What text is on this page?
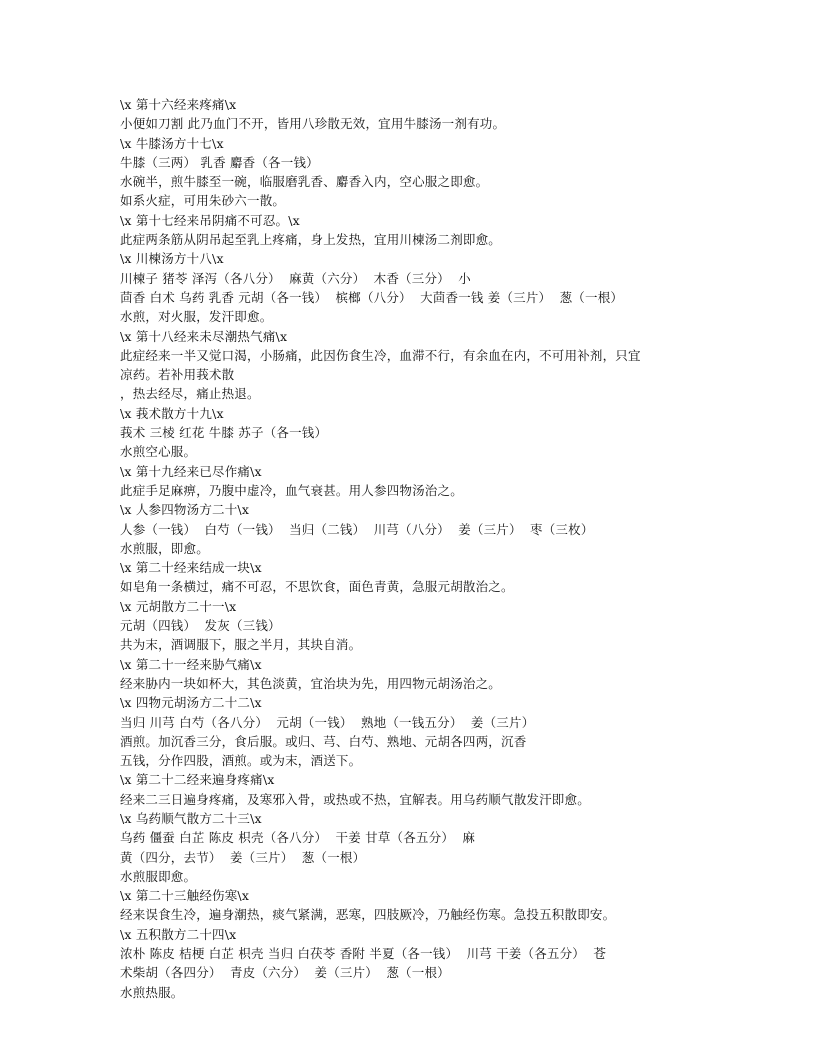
\x 第十六经来疼痛\x
小便如刀割 此乃血门不开，皆用八珍散无效，宜用牛膝汤一剂有功。
\x 牛膝汤方十七\x
牛膝（三两） 乳香 麝香（各一钱）
水碗半，煎牛膝至一碗，临服磨乳香、麝香入内，空心服之即愈。
如系火症，可用朱砂六一散。
\x 第十七经来吊阴痛不可忍。\x
此症两条筋从阴吊起至乳上疼痛，身上发热，宜用川楝汤二剂即愈。
\x 川楝汤方十八\x
川楝子 猪苓 泽泻（各八分）  麻黄（六分）  木香（三分）  小
茴香 白术 乌药 乳香 元胡（各一钱）  槟榔（八分）  大茴香一钱 姜（三片）  葱（一根）
水煎，对火服，发汗即愈。
\x 第十八经来未尽潮热气痛\x
此症经来一半又觉口渴，小肠痛，此因伤食生冷，血滞不行，有余血在内，不可用补剂，只宜
凉药。若补用莪术散
，热去经尽，痛止热退。
\x 莪术散方十九\x
莪术 三棱 红花 牛膝 苏子（各一钱）
水煎空心服。
\x 第十九经来已尽作痛\x
此症手足麻痹，乃腹中虚冷，血气衰甚。用人参四物汤治之。
\x 人参四物汤方二十\x
人参（一钱）  白芍（一钱）  当归（二钱）  川芎（八分）  姜（三片）  枣（三枚）
水煎服，即愈。
\x 第二十经来结成一块\x
如皂角一条横过，痛不可忍，不思饮食，面色青黄，急服元胡散治之。
\x 元胡散方二十一\x
元胡（四钱）  发灰（三钱）
共为末，酒调服下，服之半月，其块自消。
\x 第二十一经来胁气痛\x
经来胁内一块如杯大，其色淡黄，宜治块为先，用四物元胡汤治之。
\x 四物元胡汤方二十二\x
当归 川芎 白芍（各八分）  元胡（一钱）  熟地（一钱五分）  姜（三片）
酒煎。加沉香三分，食后服。或归、芎、白芍、熟地、元胡各四两，沉香
五钱，分作四股，酒煎。或为末，酒送下。
\x 第二十二经来遍身疼痛\x
经来二三日遍身疼痛，及寒邪入骨，或热或不热，宜解表。用乌药顺气散发汗即愈。
\x 乌药顺气散方二十三\x
乌药 僵蚕 白芷 陈皮 枳壳（各八分）  干姜 甘草（各五分）  麻
黄（四分，去节）  姜（三片）  葱（一根）
水煎服即愈。
\x 第二十三触经伤寒\x
经来误食生冷，遍身潮热，痰气紧满，恶寒，四肢厥冷，乃触经伤寒。急投五积散即安。
\x 五积散方二十四\x
浓朴 陈皮 桔梗 白芷 枳壳 当归 白茯苓 香附 半夏（各一钱）  川芎 干姜（各五分）  苍
术柴胡（各四分）  青皮（六分）  姜（三片）  葱（一根）
水煎热服。
